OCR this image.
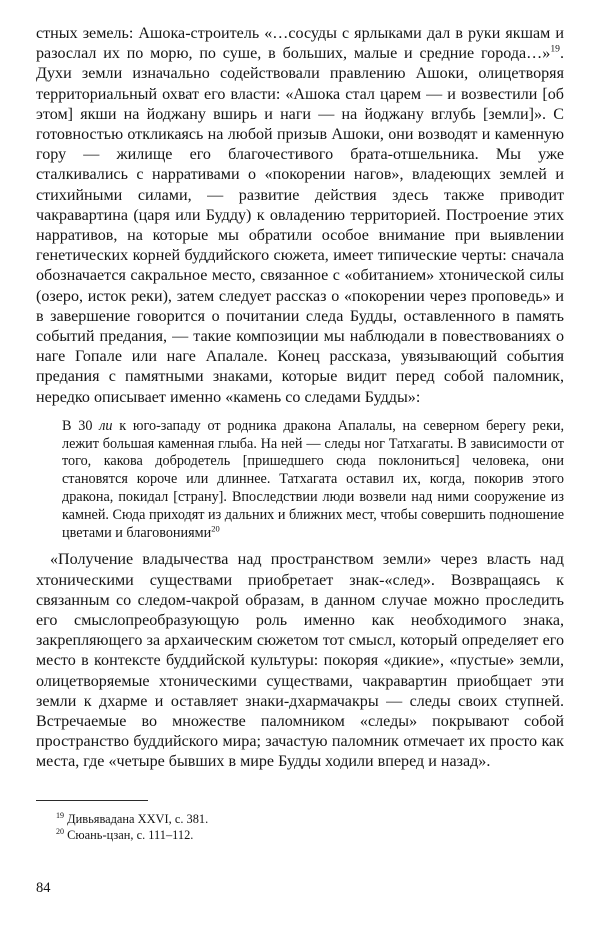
стных земель: Ашока-строитель «…сосуды с ярлыками дал в руки якшам и разослал их по морю, по суше, в больших, малые и средние города…»$^{19}$. Духи земли изначально содействовали правлению Ашоки, олицетворяя территориальный охват его власти: «Ашока стал царем — и возвестили [об этом] якши на йоджану вширь и наги — на йоджану вглубь [земли]». С готовностью откликаясь на любой призыв Ашоки, они возводят и каменную гору — жилище его благочестивого брата-отшельника. Мы уже сталкивались с нарративами о «покорении нагов», владеющих землей и стихийными силами, — развитие действия здесь также приводит чакравартина (царя или Будду) к овладению территорией. Построение этих нарративов, на которые мы обратили особое внимание при выявлении генетических корней буддийского сюжета, имеет типические черты: сначала обозначается сакральное место, связанное с «обитанием» хтонической силы (озеро, исток реки), затем следует рассказ о «покорении через проповедь» и в завершение говорится о почитании следа Будды, оставленного в память событий предания, — такие композиции мы наблюдали в повествованиях о наге Гопале или наге Апалале. Конец рассказа, увязывающий события предания с памятными знаками, которые видит перед собой паломник, нередко описывает именно «камень со следами Будды»:

В 30 ли к юго-западу от родника дракона Апалалы, на северном берегу реки, лежит большая каменная глыба. На ней — следы ног Татхагаты. В зависимости от того, какова добродетель [пришедшего сюда поклониться] человека, они становятся короче или длиннее. Татхагата оставил их, когда, покорив этого дракона, покидал [страну]. Впоследствии люди возвели над ними сооружение из камней. Сюда приходят из дальних и ближних мест, чтобы совершить подношение цветами и благовониями$^{20}$

«Получение владычества над пространством земли» через власть над хтоническими существами приобретает знак-«след». Возвращаясь к связанным со следом-чакрой образам, в данном случае можно проследить его смыслопреобразующую роль именно как необходимого знака, закрепляющего за архаическим сюжетом тот смысл, который определяет его место в контексте буддийской культуры: покоряя «дикие», «пустые» земли, олицетворяемые хтоническими существами, чакравартин приобщает эти земли к дхарме и оставляет знаки-дхармачакры — следы своих ступней. Встречаемые во множестве паломником «следы» покрывают собой пространство буддийского мира; зачастую паломник отмечает их просто как места, где «четыре бывших в мире Будды ходили вперед и назад».

$^{19}$ Дивьявадана XXVI, с. 381.

$^{20}$ Сюань-цзан, с. 111–112.

84
